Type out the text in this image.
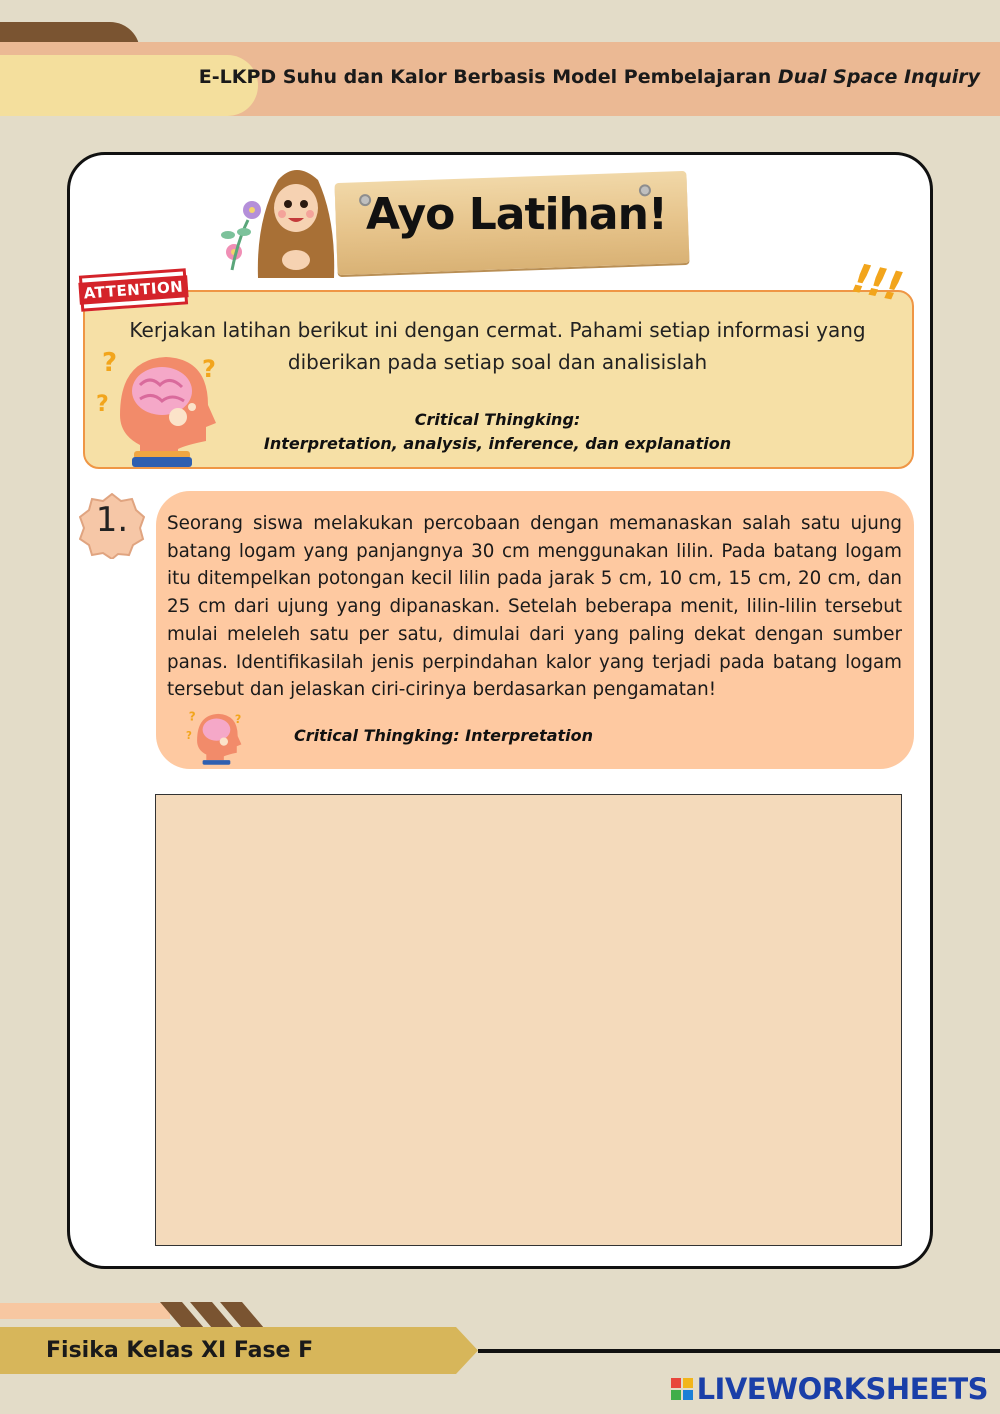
E-LKPD Suhu dan Kalor Berbasis Model Pembelajaran Dual Space Inquiry
Ayo Latihan!
ATTENTION	!!!
Kerjakan latihan berikut ini dengan cermat. Pahami setiap informasi yang
diberikan pada setiap soal dan analisislah
Critical Thingking:
Interpretation, analysis, inference, dan explanation
?
?
?
1.	Seorang siswa melakukan percobaan dengan memanaskan salah satu ujung batang logam yang panjangnya 30 cm menggunakan lilin. Pada batang logam itu ditempelkan potongan kecil lilin pada jarak 5 cm, 10 cm, 15 cm, 20 cm, dan 25 cm dari ujung yang dipanaskan. Setelah beberapa menit, lilin-lilin tersebut mulai meleleh satu per satu, dimulai dari yang paling dekat dengan sumber panas. Identifikasilah jenis perpindahan kalor yang terjadi pada batang logam tersebut dan jelaskan ciri-cirinya berdasarkan pengamatan!
?
?
?
Critical Thingking: Interpretation
Fisika Kelas XI Fase F
LIVEWORKSHEETS
